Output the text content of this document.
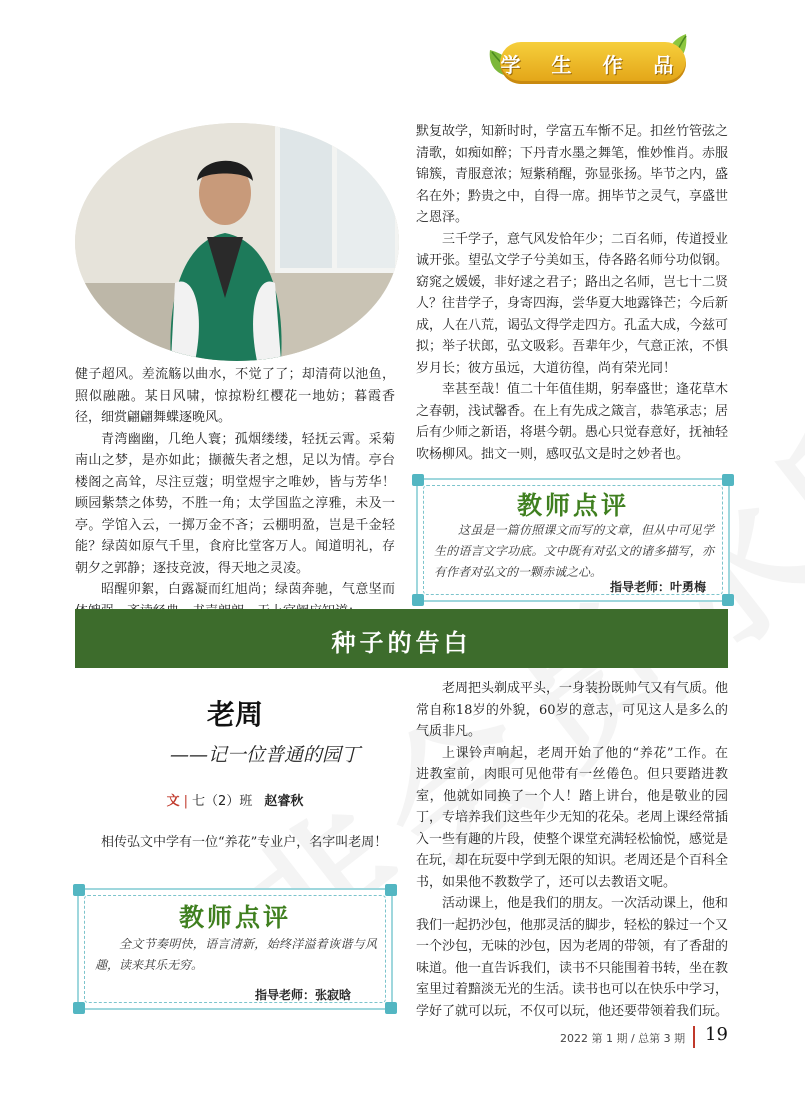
学 生 作 品

健子超风。差流觞以曲水，不觉了了；却清荷以池鱼，照似融融。某日风啸，惊掠粉红樱花一地妨；暮霞香径，细赏翩翩舞蝶逐晚风。

青湾幽幽，几绝人寰；孤烟缕缕，轻抚云霄。采菊南山之梦，是亦如此；撷薇失者之想，足以为情。亭台楼阁之高耸，尽注豆蔻；明堂煜宇之唯妙，皆与芳华！顾园紫禁之体势，不胜一角；太学国监之淳雅，未及一亭。学馆入云，一掷万金不吝；云棚明盈，岂是千金轻能？绿茵如原气千里，食府比堂客万人。闻道明礼，存朝夕之郭静；逐技竞波，得天地之灵凌。

昭醒卯絮，白露凝而红旭尚；绿茵奔驰，气意坚而

默复故学，知新时时，学富五车惭不足。扣丝竹管弦之清歌，如痴如醉；下丹青水墨之舞笔，惟妙惟肖。赤服锦簇，青服意浓；短紫稍醒，弥显张扬。毕节之内，盛名在外；黔贵之中，自得一席。拥毕节之灵气，享盛世之恩泽。

三千学子，意气风发恰年少；二百名师，传道授业诚开张。望弘文学子兮美如玉，侍各路名师兮功似钢。窈窕之媛媛，非好逑之君子；路出之名师，岂七十二贤人？往昔学子，身寄四海，尝华夏大地露锋芒；今后新成，人在八荒，谒弘文得学走四方。孔孟大成，今兹可拟；举子状郎，弘文吸彩。吾辈年少，气意正浓，不惧岁月长；彼方虽远，大道彷徨，尚有荣光同！

幸甚至哉！值二十年值佳期，躬奉盛世；逢花草木之春朝，浅试馨香。在上有先成之箴言，恭笔承志；居后有少师之新语，将堪今朝。愚心只觉春意好，抚袖轻吹杨柳风。拙文一则，感叹弘文是时之妙者也。

教师点评
这虽是一篇仿照课文而写的文章，但从中可见学生的语言文字功底。文中既有对弘文的诸多描写，亦有作者对弘文的一颗赤诚之心。
指导老师：叶勇梅
种子的告白
老周
——记一位普通的园丁
文 | 七（2）班 赵睿秋

相传弘文中学有一位“养花”专业户，名字叫老周！

教师点评
全文节奏明快，语言清新，始终洋溢着诙谐与风趣，读来其乐无穷。
指导老师：张寂晗

老周把头剃成平头，一身装扮既帅气又有气质。他常自称18岁的外貌，60岁的意志，可见这人是多么的气质非凡。

上课铃声响起，老周开始了他的“养花”工作。在进教室前，肉眼可见他带有一丝倦色。但只要踏进教室，他就如同换了一个人！踏上讲台，他是敬业的园丁，专培养我们这些年少无知的花朵。老周上课经常插入一些有趣的片段，使整个课堂充满轻松愉悦，感觉是在玩，却在玩耍中学到无限的知识。老周还是个百科全书，如果他不教数学了，还可以去教语文呢。

活动课上，他是我们的朋友。一次活动课上，他和我们一起扔沙包，他那灵活的脚步，轻松的躲过一个又一个沙包，无味的沙包，因为老周的带领，有了香甜的味道。他一直告诉我们，读书不只能围着书转，坐在教室里过着黯淡无光的生活。读书也可以在快乐中学习，学好了就可以玩，不仅可以玩，他还要带领着我们玩。

2022 第 1 期 / 总第 3 期 19
